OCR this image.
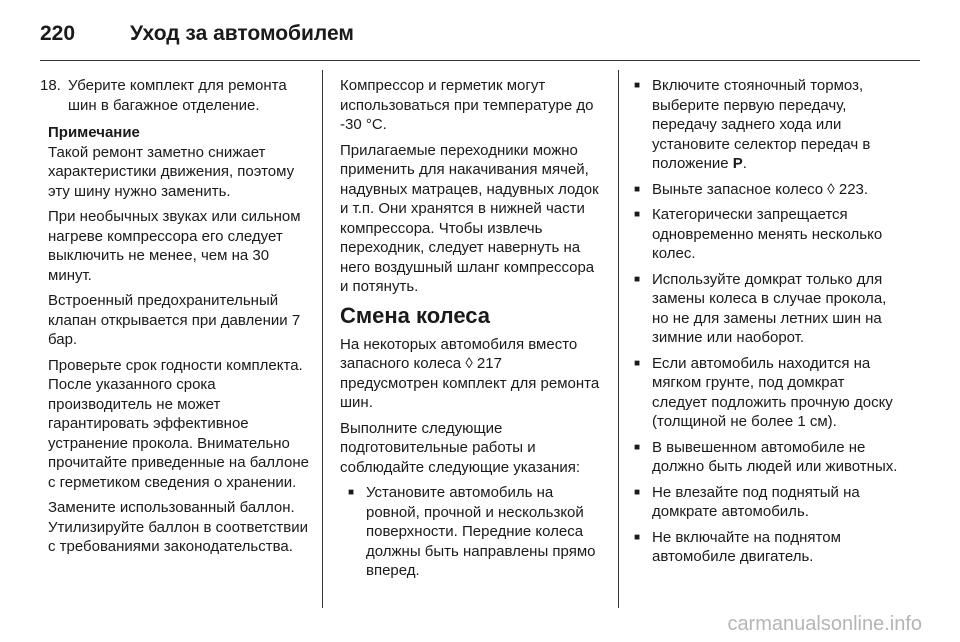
220	Уход за автомобилем
18. Уберите комплект для ремонта шин в багажное отделение.

Примечание

Такой ремонт заметно снижает характеристики движения, поэтому эту шину нужно заменить.

При необычных звуках или сильном нагреве компрессора его следует выключить не менее, чем на 30 минут.

Встроенный предохранительный клапан открывается при давлении 7 бар.

Проверьте срок годности комплекта. После указанного срока производитель не может гарантировать эффективное устранение прокола. Внимательно прочитайте приведенные на баллоне с герметиком сведения о хранении.

Замените использованный баллон. Утилизируйте баллон в соответствии с требованиями законодательства.

Компрессор и герметик могут использоваться при температуре до -30 °C.

Прилагаемые переходники можно применить для накачивания мячей, надувных матрацев, надувных лодок и т.п. Они хранятся в нижней части компрессора. Чтобы извлечь переходник, следует навернуть на него воздушный шланг компрессора и потянуть.

Смена колеса

На некоторых автомобиля вместо запасного колеса ◊ 217 предусмотрен комплект для ремонта шин.

Выполните следующие подготовительные работы и соблюдайте следующие указания:

■ Установите автомобиль на ровной, прочной и нескользкой поверхности. Передние колеса должны быть направлены прямо вперед.
■ Включите стояночный тормоз, выберите первую передачу, передачу заднего хода или установите селектор передач в положение P.
■ Выньте запасное колесо ◊ 223.
■ Категорически запрещается одновременно менять несколько колес.
■ Используйте домкрат только для замены колеса в случае прокола, но не для замены летних шин на зимние или наоборот.
■ Если автомобиль находится на мягком грунте, под домкрат следует подложить прочную доску (толщиной не более 1 см).
■ В вывешенном автомобиле не должно быть людей или животных.
■ Не влезайте под поднятый на домкрате автомобиль.
■ Не включайте на поднятом автомобиле двигатель.
carmanualsonline.info
